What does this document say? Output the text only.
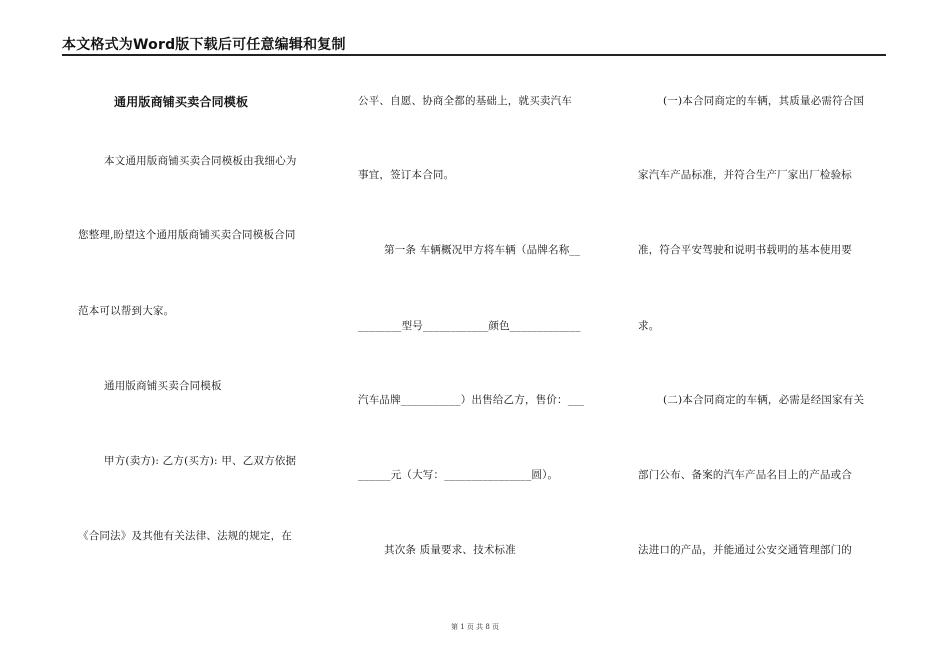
本文格式为Word版下载后可任意编辑和复制
通用版商铺买卖合同模板
本文通用版商铺买卖合同模板由我细心为
您整理,盼望这个通用版商铺买卖合同模板合同
范本可以帮到大家。
通用版商铺买卖合同模板
甲方(卖方): 乙方(买方): 甲、乙双方依据
《合同法》及其他有关法律、法规的规定，在
公平、自愿、协商全都的基础上，就买卖汽车
事宜，签订本合同。
第一条 车辆概况甲方将车辆（品牌名称__
________型号____________颜色_____________
汽车品牌___________）出售给乙方，售价：___
______元（大写：________________圆）。
其次条 质量要求、技术标准
(一)本合同商定的车辆，其质量必需符合国
家汽车产品标准，并符合生产厂家出厂检验标
准，符合平安驾驶和说明书载明的基本使用要
求。
(二)本合同商定的车辆，必需是经国家有关
部门公布、备案的汽车产品名目上的产品或合
法进口的产品，并能通过公安交通管理部门的
第 1 页 共 8 页
